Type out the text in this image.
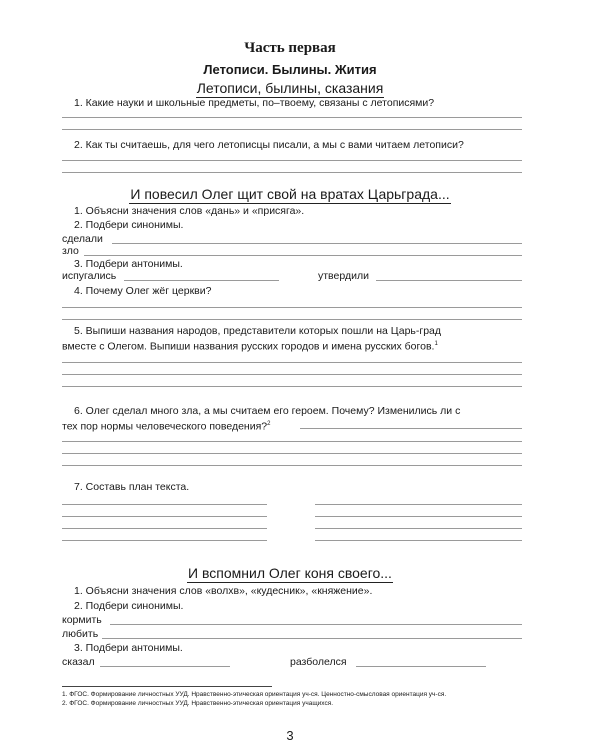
Часть первая
Летописи. Былины. Жития
Летописи, былины, сказания
1. Какие науки и школьные предметы, по–твоему, связаны с летописями?
2. Как ты считаешь, для чего летописцы писали, а мы с вами читаем летописи?
И повесил Олег щит свой на вратах Царьграда...
1. Объясни значения слов «дань» и «присяга».
2. Подбери синонимы.
сделали
зло
3. Подбери антонимы.
испугались	утвердили
4. Почему Олег жёг церкви?
5. Выпиши названия народов, представители которых пошли на Царь-град
вместе с Олегом. Выпиши названия русских городов и имена русских богов.$^1$
6. Олег сделал много зла, а мы считаем его героем. Почему? Изменились ли с
тех пор нормы человеческого поведения?$^2$
7. Составь план текста.
И вспомнил Олег коня своего...
1. Объясни значения слов «волхв», «кудесник», «княжение».
2. Подбери синонимы.
кормить
любить
3. Подбери антонимы.
сказал	разболелся
1. ФГОС. Формирование личностных УУД. Нравственно-этическая ориентация уч-ся. Ценностно-смысловая ориентация уч-ся.
2. ФГОС. Формирование личностных УУД. Нравственно-этическая ориентация учащихся.
3
